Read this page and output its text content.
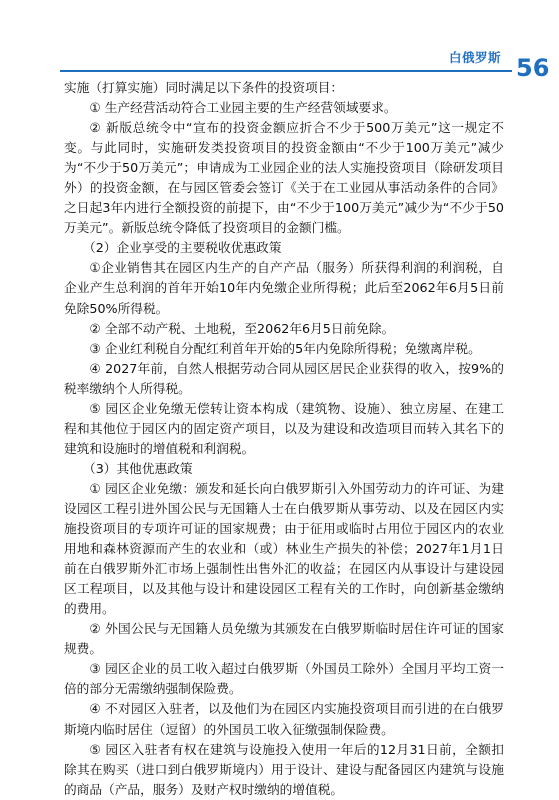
白俄罗斯 56

实施（打算实施）同时满足以下条件的投资项目：

① 生产经营活动符合工业园主要的生产经营领域要求。

② 新版总统令中“宣布的投资金额应折合不少于500万美元”这一规定不变。与此同时，实施研发类投资项目的投资金额由“不少于100万美元”减少为“不少于50万美元”；申请成为工业园企业的法人实施投资项目（除研发项目外）的投资金额，在与园区管委会签订《关于在工业园从事活动条件的合同》之日起3年内进行全额投资的前提下，由“不少于100万美元”减少为“不少于50万美元”。新版总统令降低了投资项目的金额门槛。

（2）企业享受的主要税收优惠政策

①企业销售其在园区内生产的自产产品（服务）所获得利润的利润税，自企业产生总利润的首年开始10年内免缴企业所得税；此后至2062年6月5日前免除50%所得税。

② 全部不动产税、土地税，至2062年6月5日前免除。

③ 企业红利税自分配红利首年开始的5年内免除所得税；免缴离岸税。

④ 2027年前，自然人根据劳动合同从园区居民企业获得的收入，按9%的税率缴纳个人所得税。

⑤ 园区企业免缴无偿转让资本构成（建筑物、设施）、独立房屋、在建工程和其他位于园区内的固定资产项目，以及为建设和改造项目而转入其名下的建筑和设施时的增值税和利润税。

（3）其他优惠政策

① 园区企业免缴：颁发和延长向白俄罗斯引入外国劳动力的许可证、为建设园区工程引进外国公民与无国籍人士在白俄罗斯从事劳动、以及在园区内实施投资项目的专项许可证的国家规费；由于征用或临时占用位于园区内的农业用地和森林资源而产生的农业和（或）林业生产损失的补偿；2027年1月1日前在白俄罗斯外汇市场上强制性出售外汇的收益；在园区内从事设计与建设园区工程项目，以及其他与设计和建设园区工程有关的工作时，向创新基金缴纳的费用。

② 外国公民与无国籍人员免缴为其颁发在白俄罗斯临时居住许可证的国家规费。

③ 园区企业的员工收入超过白俄罗斯（外国员工除外）全国月平均工资一倍的部分无需缴纳强制保险费。

④ 不对园区入驻者，以及他们为在园区内实施投资项目而引进的在白俄罗斯境内临时居住（逗留）的外国员工收入征缴强制保险费。

⑤ 园区入驻者有权在建筑与设施投入使用一年后的12月31日前，全额扣除其在购买（进口到白俄罗斯境内）用于设计、建设与配备园区内建筑与设施的商品（产品，服务）及财产权时缴纳的增值税。
